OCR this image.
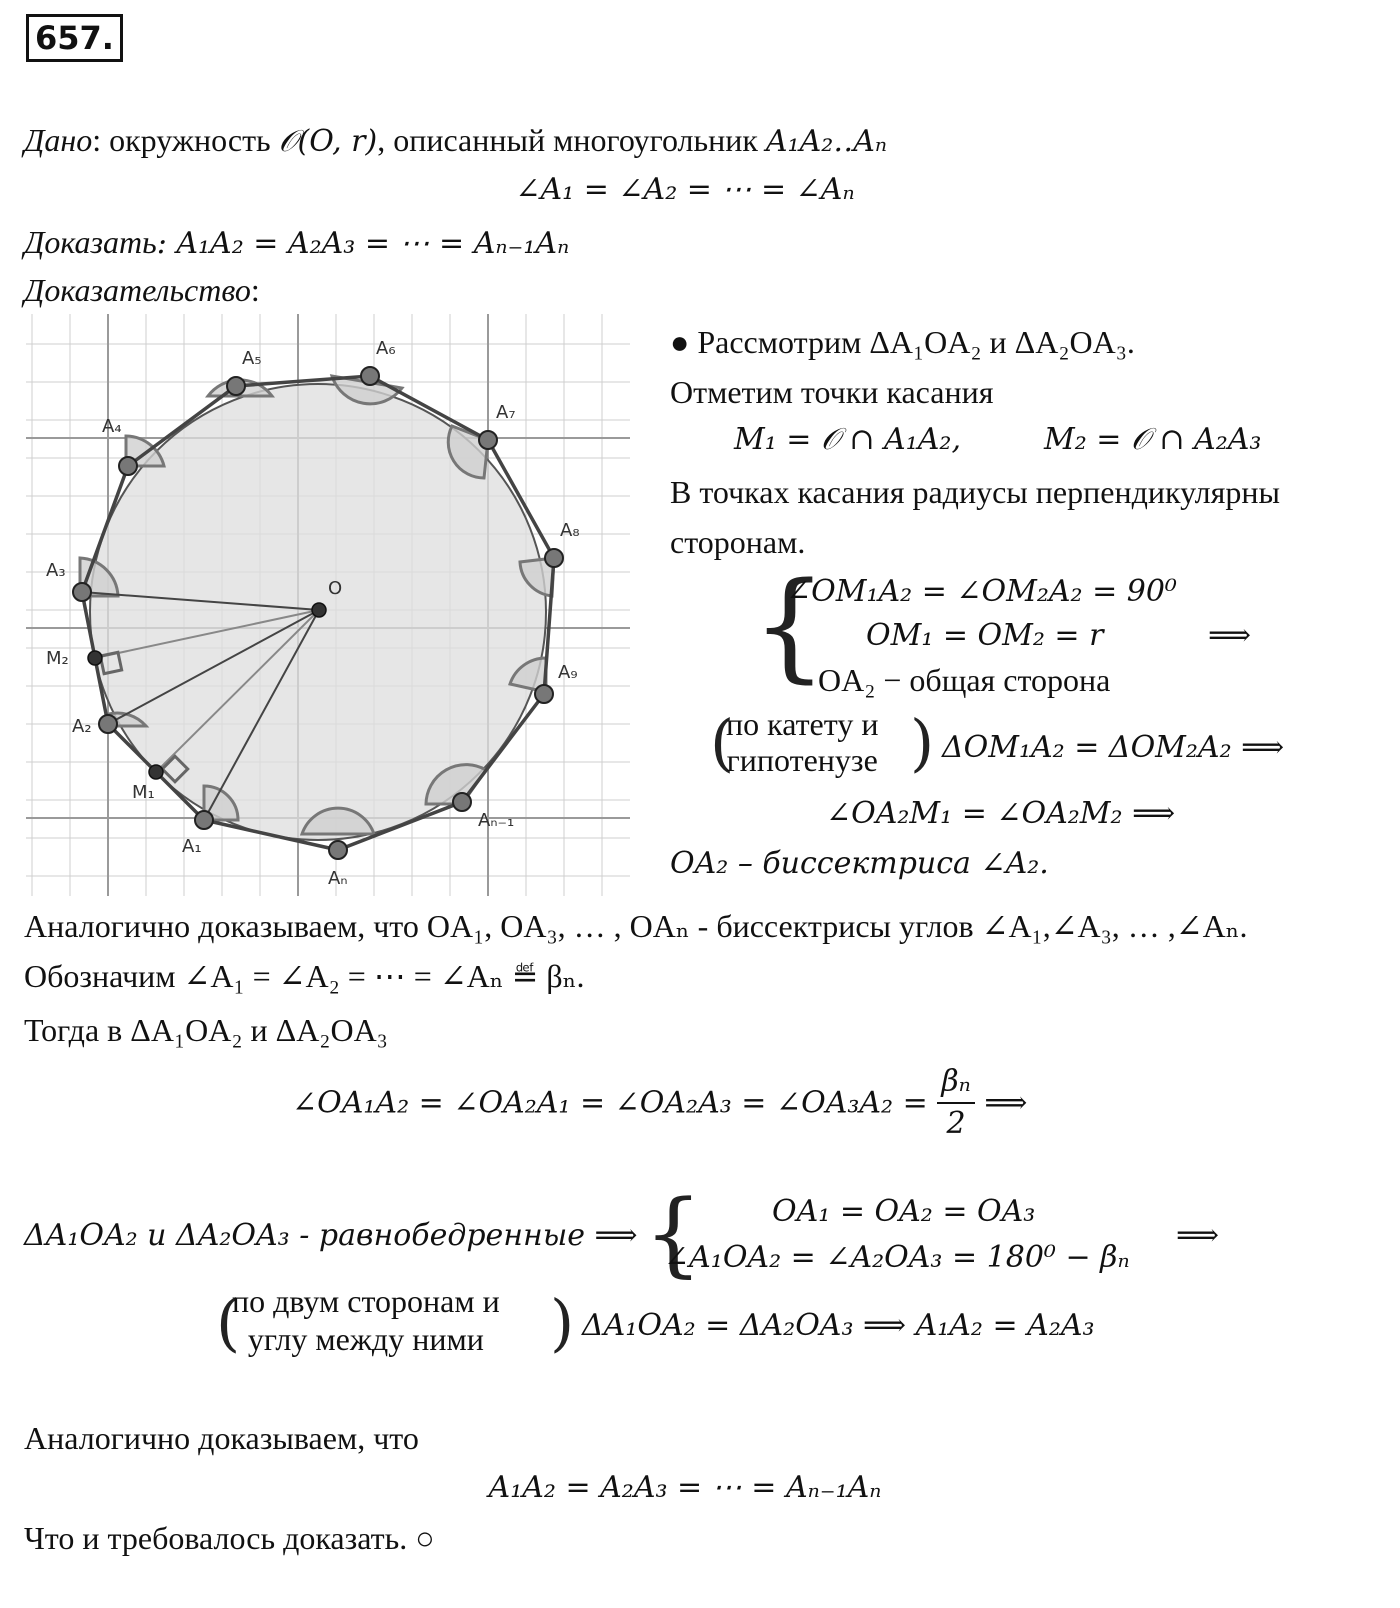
657.
Дано: окружность 𝒪(O, r), описанный многоугольник A₁A₂‥Aₙ
∠A₁ = ∠A₂ = ⋯ = ∠Aₙ
Доказать: A₁A₂ = A₂A₃ = ⋯ = Aₙ₋₁Aₙ
Доказательство:
O
A₁
A₂
A₃
A₄
A₅	A₆
A₇
A₈
A₉
Aₙ₋₁
Aₙ
M₁
M₂
● Рассмотрим ΔA₁OA₂ и ΔA₂OA₃.
Отметим точки касания
M₁ = 𝒪 ∩ A₁A₂,	M₂ = 𝒪 ∩ A₂A₃
В точках касания радиусы перпендикулярны
сторонам.
{
∠OM₁A₂ = ∠OM₂A₂ = 90⁰
OM₁ = OM₂ = r	⟹
OA₂ − общая сторона
(
по катету и
гипотенузе ) ΔOM₁A₂ = ΔOM₂A₂ ⟹
∠OA₂M₁ = ∠OA₂M₂ ⟹
OA₂ – биссектриса ∠A₂.
Аналогично доказываем, что OA₁, OA₃, … , OAₙ - биссектрисы углов ∠A₁,∠A₃, … ,∠Aₙ.
Обозначим ∠A₁ = ∠A₂ = ⋯ = ∠Aₙ ≝ βₙ.
Тогда в ΔA₁OA₂ и ΔA₂OA₃
∠OA₁A₂ = ∠OA₂A₁ = ∠OA₂A₃ = ∠OA₃A₂ = $\frac{\text{βₙ}}{2}$ ⟹
ΔA₁OA₂ и ΔA₂OA₃ - равнобедренные ⟹ { OA₁ = OA₂ = OA₃
∠A₁OA₂ = ∠A₂OA₃ = 180⁰ − βₙ
⟹
(
по двум сторонам и
углу между ними ) ΔA₁OA₂ = ΔA₂OA₃ ⟹ A₁A₂ = A₂A₃
Аналогично доказываем, что
A₁A₂ = A₂A₃ = ⋯ = Aₙ₋₁Aₙ
Что и требовалось доказать. ○
